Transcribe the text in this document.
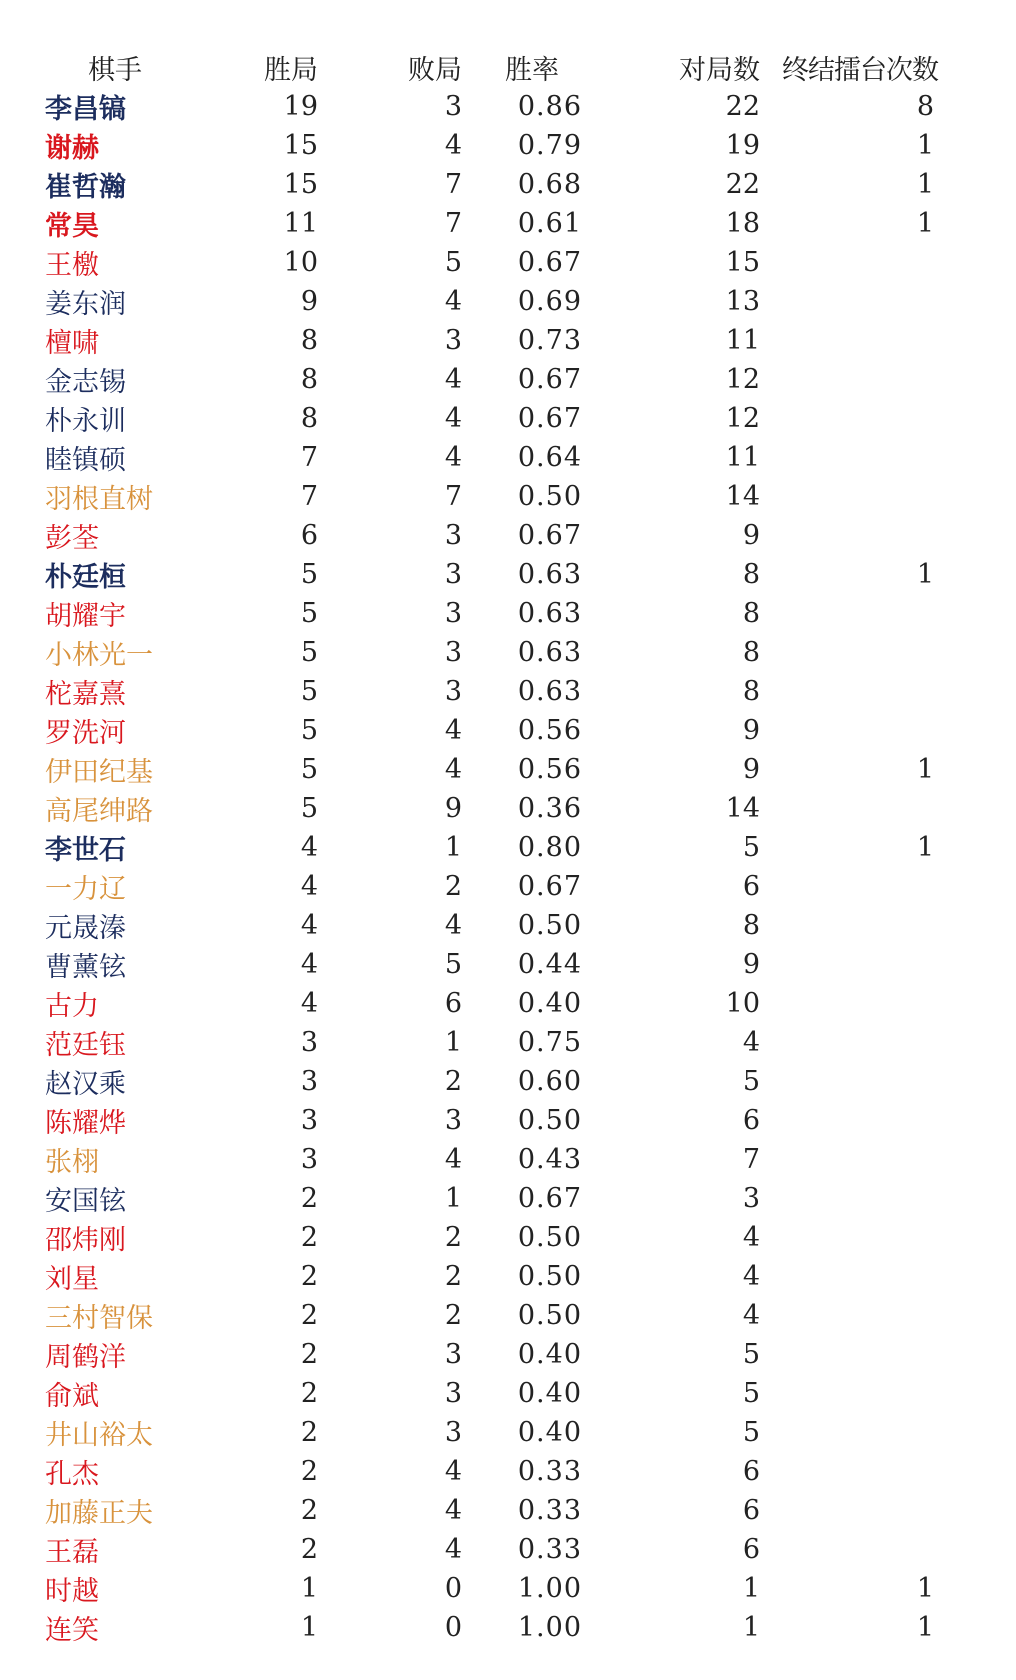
棋手	胜局	败局	胜率	对局数	终结擂台次数
李昌镐	19	3	0.86	22	8
谢赫	15	4	0.79	19	1
崔哲瀚	15	7	0.68	22	1
常昊	11	7	0.61	18	1
王檄	10	5	0.67	15	
姜东润	9	4	0.69	13	
檀啸	8	3	0.73	11	
金志锡	8	4	0.67	12	
朴永训	8	4	0.67	12	
睦镇硕	7	4	0.64	11	
羽根直树	7	7	0.50	14	
彭荃	6	3	0.67	9	
朴廷桓	5	3	0.63	8	1
胡耀宇	5	3	0.63	8	
小林光一	5	3	0.63	8	
柁嘉熹	5	3	0.63	8	
罗洗河	5	4	0.56	9	
伊田纪基	5	4	0.56	9	1
高尾绅路	5	9	0.36	14	
李世石	4	1	0.80	5	1
一力辽	4	2	0.67	6	
元晟溱	4	4	0.50	8	
曹薰铉	4	5	0.44	9	
古力	4	6	0.40	10	
范廷钰	3	1	0.75	4	
赵汉乘	3	2	0.60	5	
陈耀烨	3	3	0.50	6	
张栩	3	4	0.43	7	
安国铉	2	1	0.67	3	
邵炜刚	2	2	0.50	4	
刘星	2	2	0.50	4	
三村智保	2	2	0.50	4	
周鹤洋	2	3	0.40	5	
俞斌	2	3	0.40	5	
井山裕太	2	3	0.40	5	
孔杰	2	4	0.33	6	
加藤正夫	2	4	0.33	6	
王磊	2	4	0.33	6	
时越	1	0	1.00	1	1
连笑	1	0	1.00	1	1
